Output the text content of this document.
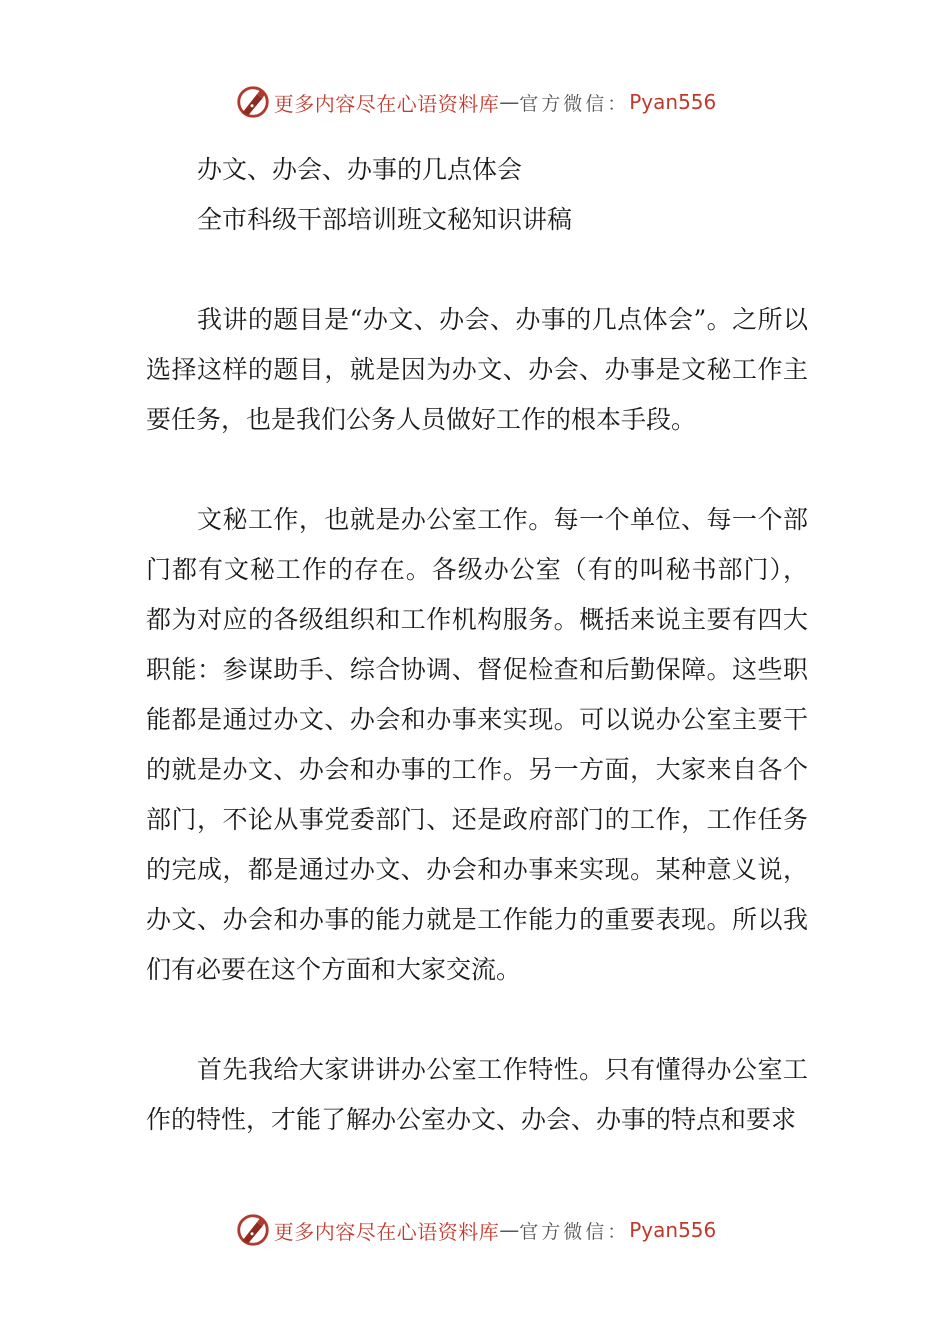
更多内容尽在心语资料库 — 官方微信： Pyan556

办文、办会、办事的几点体会

全市科级干部培训班文秘知识讲稿

我讲的题目是“办文、办会、办事的几点体会”。之所以选择这样的题目，就是因为办文、办会、办事是文秘工作主要任务，也是我们公务人员做好工作的根本手段。

文秘工作，也就是办公室工作。每一个单位、每一个部门都有文秘工作的存在。各级办公室（有的叫秘书部门），都为对应的各级组织和工作机构服务。概括来说主要有四大职能：参谋助手、综合协调、督促检查和后勤保障。这些职能都是通过办文、办会和办事来实现。可以说办公室主要干的就是办文、办会和办事的工作。另一方面，大家来自各个部门，不论从事党委部门、还是政府部门的工作，工作任务的完成，都是通过办文、办会和办事来实现。某种意义说，办文、办会和办事的能力就是工作能力的重要表现。所以我们有必要在这个方面和大家交流。

首先我给大家讲讲办公室工作特性。只有懂得办公室工作的特性，才能了解办公室办文、办会、办事的特点和要求

更多内容尽在心语资料库 — 官方微信： Pyan556
